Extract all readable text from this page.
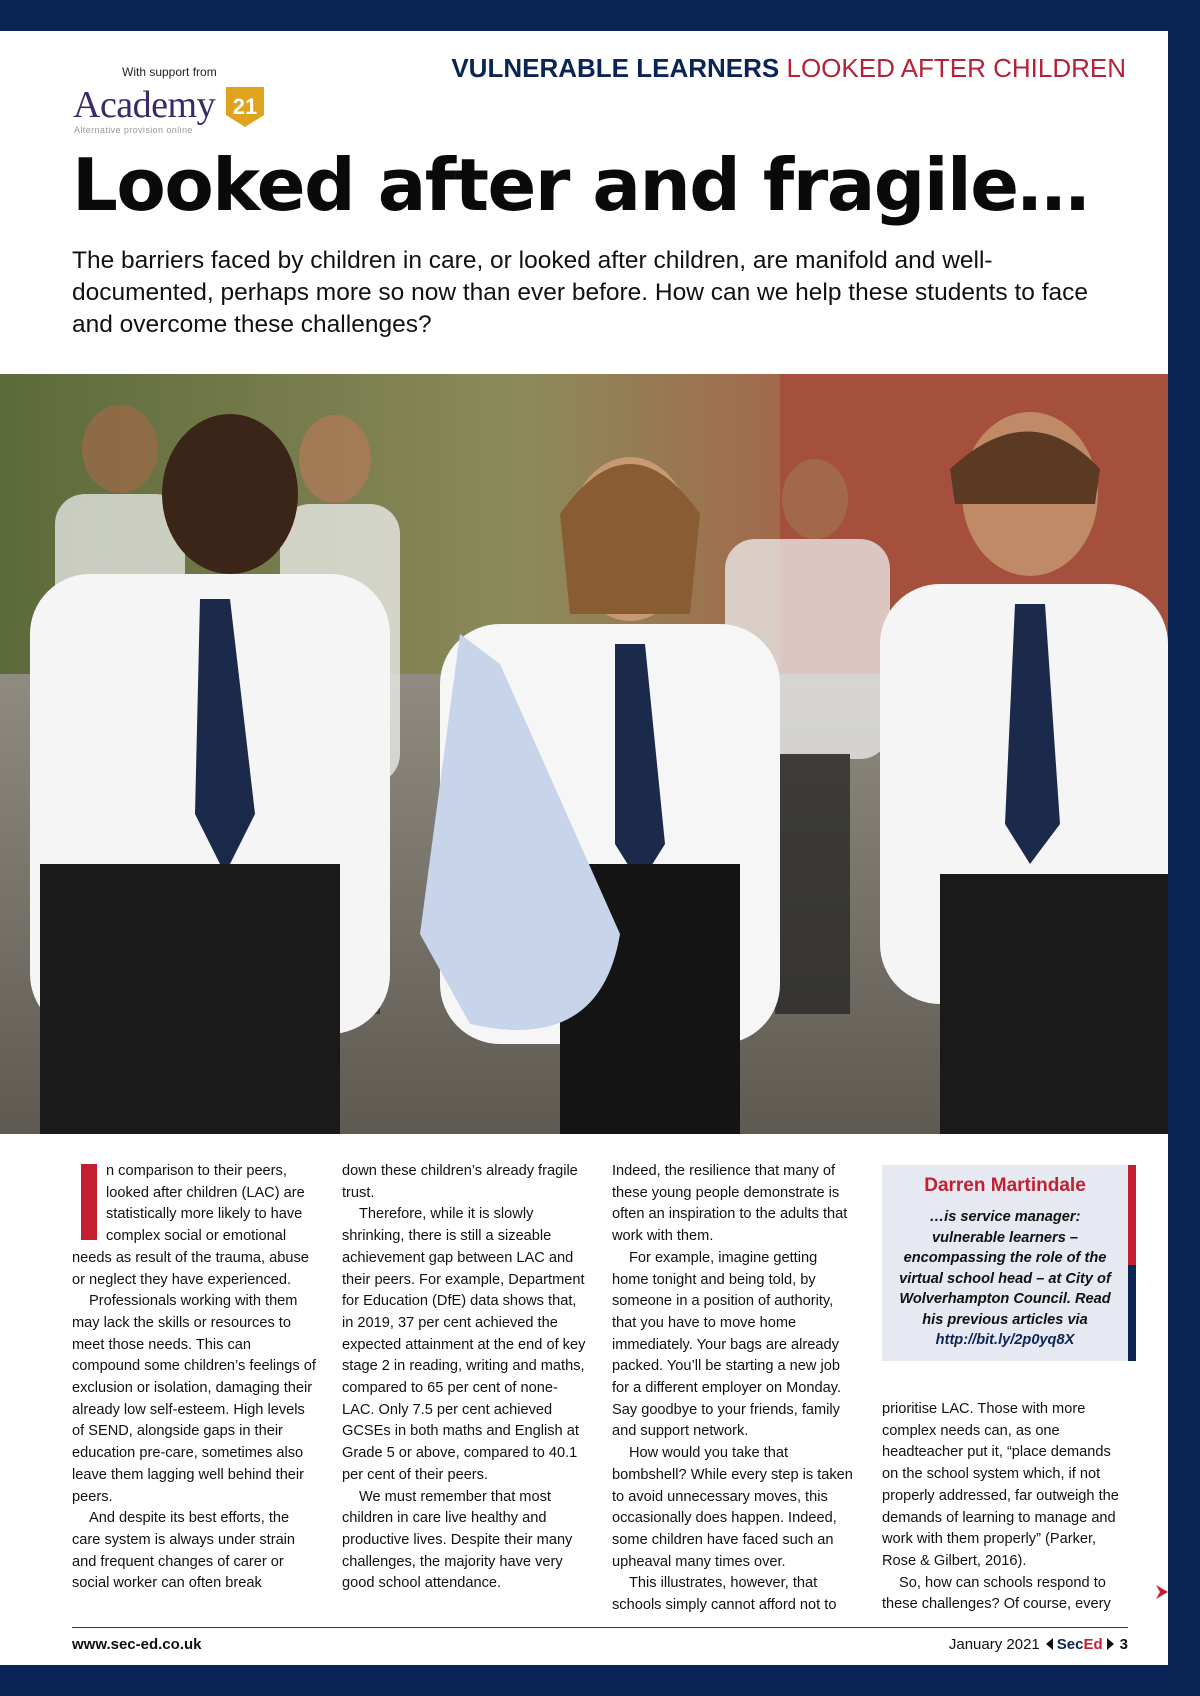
With support from
Academy 21
Alternative provision online
VULNERABLE LEARNERS LOOKED AFTER CHILDREN
Looked after and fragile…

The barriers faced by children in care, or looked after children, are manifold and well-documented, perhaps more so now than ever before. How can we help these students to face and overcome these challenges?

n comparison to their peers, looked after children (LAC) are statistically more likely to have complex social or emotional needs as result of the trauma, abuse or neglect they have experienced.

Professionals working with them may lack the skills or resources to meet those needs. This can compound some children’s feelings of exclusion or isolation, damaging their already low self-esteem. High levels of SEND, alongside gaps in their education pre-care, sometimes also leave them lagging well behind their peers.

And despite its best efforts, the care system is always under strain and frequent changes of carer or social worker can often break

down these children’s already fragile trust.

Therefore, while it is slowly shrinking, there is still a sizeable achievement gap between LAC and their peers. For example, Department for Education (DfE) data shows that, in 2019, 37 per cent achieved the expected attainment at the end of key stage 2 in reading, writing and maths, compared to 65 per cent of none-LAC. Only 7.5 per cent achieved GCSEs in both maths and English at Grade 5 or above, compared to 40.1 per cent of their peers.

We must remember that most children in care live healthy and productive lives. Despite their many challenges, the majority have very good school attendance.

Indeed, the resilience that many of these young people demonstrate is often an inspiration to the adults that work with them.

For example, imagine getting home tonight and being told, by someone in a position of authority, that you have to move home immediately. Your bags are already packed. You’ll be starting a new job for a different employer on Monday. Say goodbye to your friends, family and support network.

How would you take that bombshell? While every step is taken to avoid unnecessary moves, this occasionally does happen. Indeed, some children have faced such an upheaval many times over.

This illustrates, however, that schools simply cannot afford not to

Darren Martindale
…is service manager: vulnerable learners – encompassing the role of the virtual school head – at City of Wolverhampton Council. Read his previous articles via
http://bit.ly/2p0yq8X

prioritise LAC. Those with more complex needs can, as one headteacher put it, “place demands on the school system which, if not properly addressed, far outweigh the demands of learning to manage and work with them properly” (Parker, Rose & Gilbert, 2016).

So, how can schools respond to these challenges? Of course, every

www.sec-ed.co.uk	January 2021 SecEd 3
